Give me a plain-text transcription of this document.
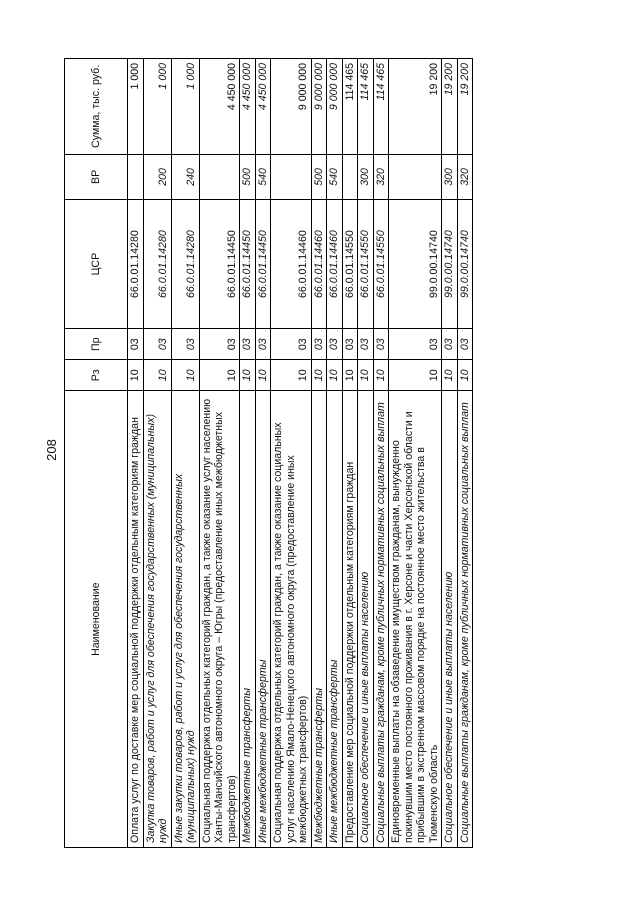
208
Наименование	Рз	Пр	ЦСР	ВР	Сумма, тыс. руб.
Оплата услуг по доставке мер социальной поддержки отдельным категориям граждан	10	03	66.0.01.14280		1 000
Закупка товаров, работ и услуг для обеспечения государственных (муниципальных) нужд	10	03	66.0.01.14280	200	1 000
Иные закупки товаров, работ и услуг для обеспечения государственных (муниципальных) нужд	10	03	66.0.01.14280	240	1 000
Социальная поддержка отдельных категорий граждан, а также оказание услуг населению Ханты-Мансийского автономного округа – Югры (предоставление иных межбюджетных трансфертов)	10	03	66.0.01.14450		4 450 000
Межбюджетные трансферты	10	03	66.0.01.14450	500	4 450 000
Иные межбюджетные трансферты	10	03	66.0.01.14450	540	4 450 000
Социальная поддержка отдельных категорий граждан, а также оказание социальных услуг населению Ямало-Ненецкого автономного округа (предоставление иных межбюджетных трансфертов)	10	03	66.0.01.14460		9 000 000
Межбюджетные трансферты	10	03	66.0.01.14460	500	9 000 000
Иные межбюджетные трансферты	10	03	66.0.01.14460	540	9 000 000
Предоставление мер социальной поддержки отдельным категориям граждан	10	03	66.0.01.14550		114 465
Социальное обеспечение и иные выплаты населению	10	03	66.0.01.14550	300	114 465
Социальные выплаты гражданам, кроме публичных нормативных социальных выплат	10	03	66.0.01.14550	320	114 465
Единовременные выплаты на обзаведение имуществом гражданам, вынужденно покинувшим место постоянного проживания в г. Херсоне и части Херсонской области и прибывшим в экстренном массовом порядке на постоянное место жительства в Тюменскую область	10	03	99.0.00.14740		19 200
Социальное обеспечение и иные выплаты населению	10	03	99.0.00.14740	300	19 200
Социальные выплаты гражданам, кроме публичных нормативных социальных выплат	10	03	99.0.00.14740	320	19 200
